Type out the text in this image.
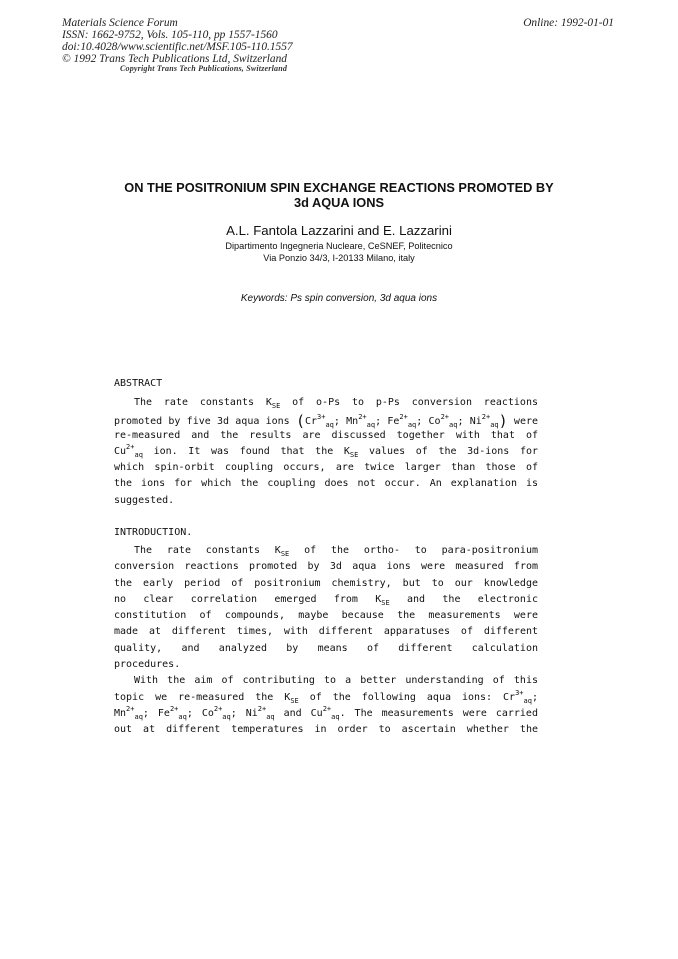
Materials Science Forum
ISSN: 1662-9752, Vols. 105-110, pp 1557-1560
doi:10.4028/www.scientific.net/MSF.105-110.1557
© 1992 Trans Tech Publications Ltd, Switzerland
Online: 1992-01-01
Copyright Trans Tech Publications, Switzerland
ON THE POSITRONIUM SPIN EXCHANGE REACTIONS PROMOTED BY
3d AQUA IONS
A.L. Fantola Lazzarini and E. Lazzarini
Dipartimento Ingegneria Nucleare, CeSNEF, Politecnico
Via Ponzio 34/3, I-20133 Milano, italy
Keywords: Ps spin conversion, 3d aqua ions
ABSTRACT
The rate constants $K_{SE}$ of o-Ps to p-Ps conversion reactions
promoted by five 3d aqua ions ($Cr^{3+}_{aq}$; $Mn^{2+}_{aq}$; $Fe^{2+}_{aq}$; $Co^{2+}_{aq}$; $Ni^{2+}_{aq}$) were
re-measured and the results are discussed together with that of
$Cu^{2+}_{aq}$ ion. It was found that the $K_{SE}$ values of the 3d-ions for
which spin-orbit coupling occurs, are twice larger than those of
the ions for which the coupling does not occur. An explanation is
suggested.
INTRODUCTION.
The rate constants $K_{SE}$ of the ortho- to para-positronium
conversion reactions promoted by 3d aqua ions were measured from
the early period of positronium chemistry, but to our knowledge
no clear correlation emerged from $K_{SE}$ and the electronic
constitution of compounds, maybe because the measurements were
made at different times, with different apparatuses of different
quality, and analyzed by means of different calculation
procedures.
With the aim of contributing to a better understanding of this
topic we re-measured the $K_{SE}$ of the following aqua ions: $Cr^{3+}_{aq}$;
$Mn^{2+}_{aq}$; $Fe^{2+}_{aq}$; $Co^{2+}_{aq}$; $Ni^{2+}_{aq}$ and $Cu^{2+}_{aq}$. The measurements were carried
out at different temperatures in order to ascertain whether the
